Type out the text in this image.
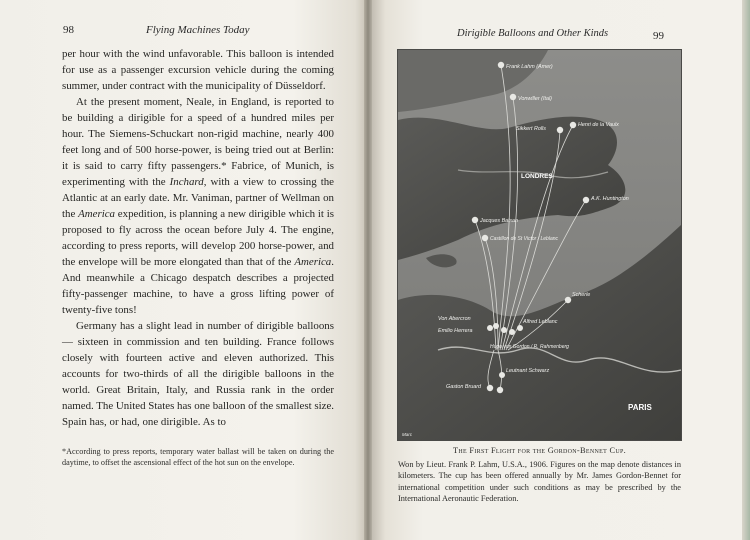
98	Flying Machines Today

per hour with the wind unfavorable. This balloon is intended for use as a passenger excursion vehicle during the coming summer, under contract with the municipality of Düsseldorf.

At the present moment, Neale, in England, is reported to be building a dirigible for a speed of a hundred miles per hour. The Siemens-Schuckart non-rigid machine, nearly 400 feet long and of 500 horse-power, is being tried out at Berlin: it is said to carry fifty passengers.* Fabrice, of Munich, is experimenting with the Inchard, with a view to crossing the Atlantic at an early date. Mr. Vaniman, partner of Wellman on the America expedition, is planning a new dirigible which it is proposed to fly across the ocean before July 4. The engine, according to press reports, will develop 200 horse-power, and the envelope will be more elongated than that of the America. And meanwhile a Chicago despatch describes a projected fifty-passenger machine, to have a gross lifting power of twenty-five tons!

Germany has a slight lead in number of dirigible balloons — sixteen in commission and ten building. France follows closely with fourteen active and eleven authorized. This accounts for two-thirds of all the dirigible balloons in the world. Great Britain, Italy, and Russia rank in the order named. The United States has one balloon of the smallest size. Spain has, or had, one dirigible. As to

*According to press reports, temporary water ballast will be taken on during the daytime, to offset the ascensional effect of the hot sun on the envelope.
Dirigible Balloons and Other Kinds	99
Frank Lahm (Amer)
Vonwiller (Ital)
Henri de la Vaulx
Sikkert Rolls
LONDRES
A.K. Huntington
Jacques Balsan
Castillon de St Victor / Leblanc
Scherle
Von Abercron
Emilio Herrera
Alfred Leblanc
Hugo von Gordon / R. Rahmenberg
Leutnant Schwarz
Gaston Bruard
PARIS
Marc
The First Flight for the Gordon-Bennet Cup.
Won by Lieut. Frank P. Lahm, U.S.A., 1906. Figures on the map denote distances in kilometers. The cup has been offered annually by Mr. James Gordon-Bennet for international competition under such conditions as may be prescribed by the International Aeronautic Federation.
